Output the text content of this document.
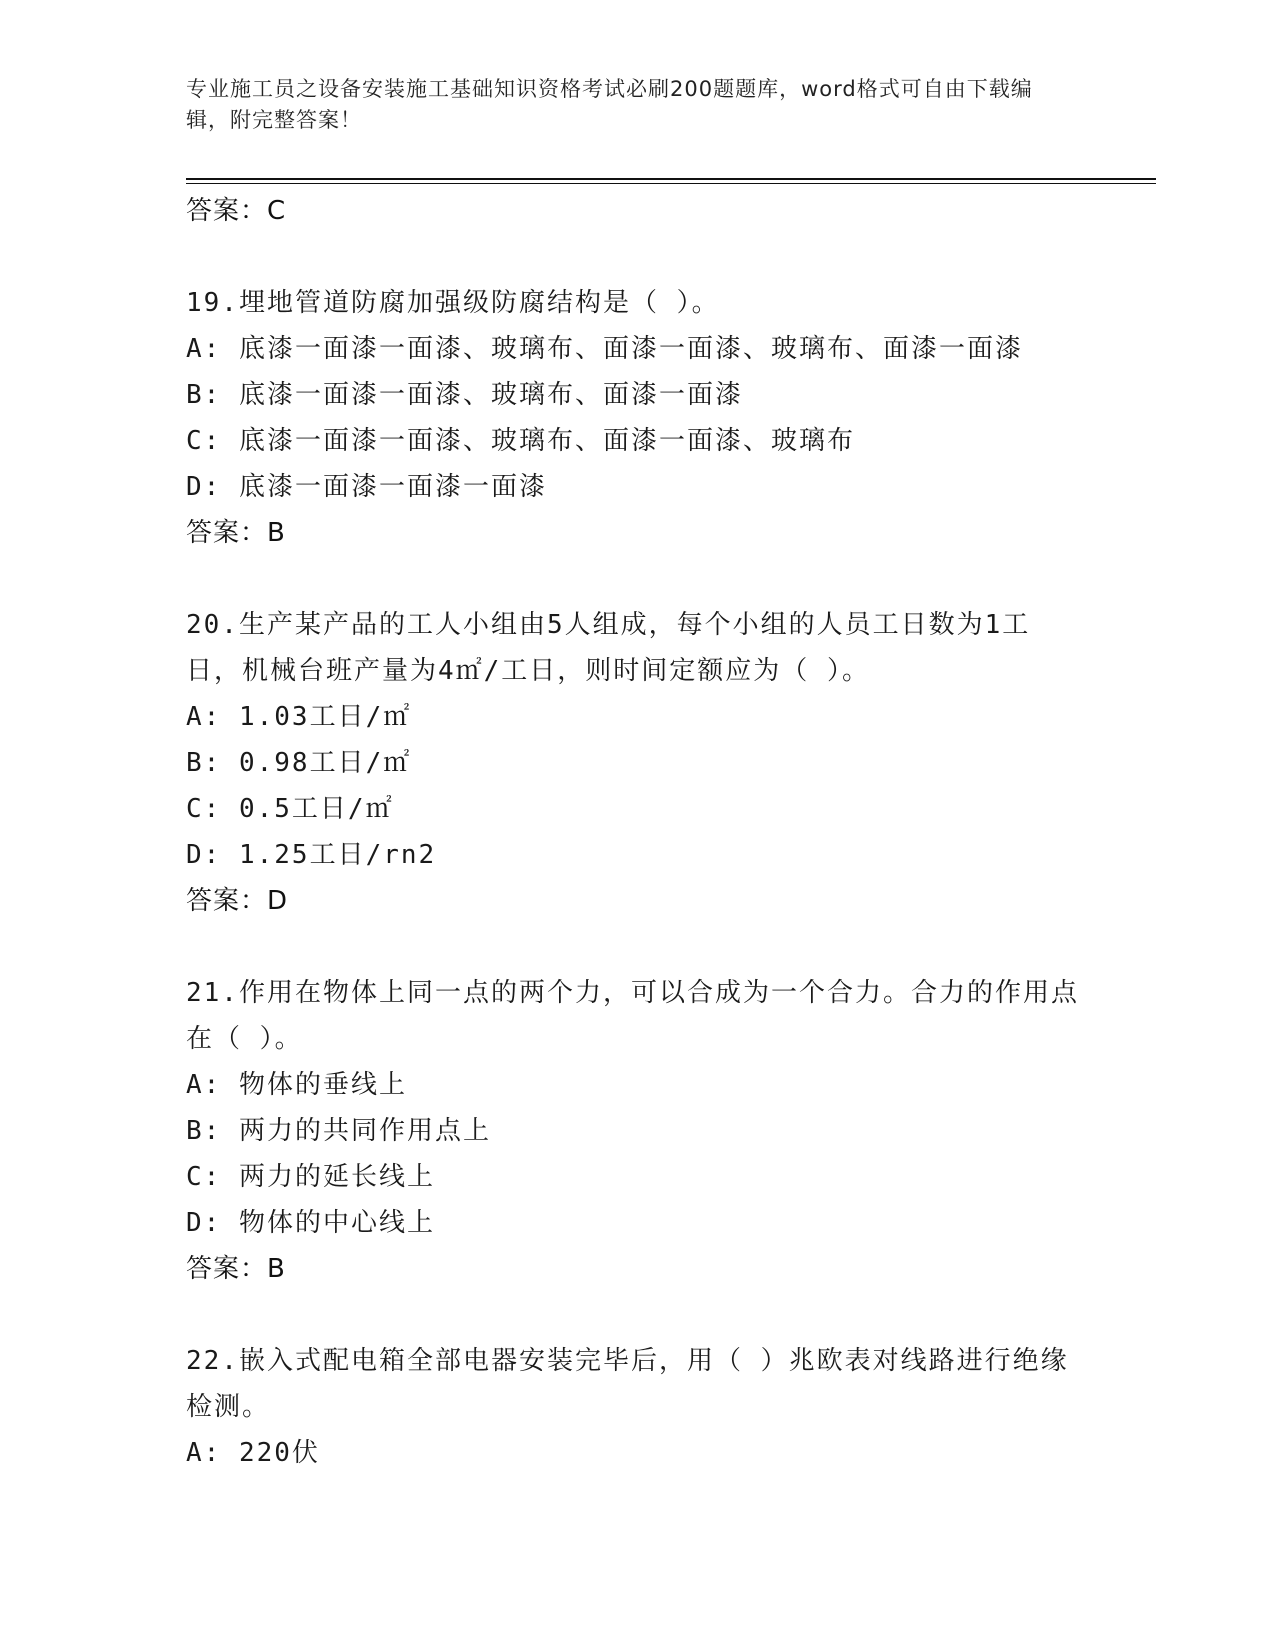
专业施工员之设备安装施工基础知识资格考试必刷200题题库，word格式可自由下载编辑，附完整答案！
答案：C
19.埋地管道防腐加强级防腐结构是（ ）。
A: 底漆一面漆一面漆、玻璃布、面漆一面漆、玻璃布、面漆一面漆
B: 底漆一面漆一面漆、玻璃布、面漆一面漆
C: 底漆一面漆一面漆、玻璃布、面漆一面漆、玻璃布
D: 底漆一面漆一面漆一面漆
答案：B
20.生产某产品的工人小组由5人组成，每个小组的人员工日数为1工日，机械台班产量为4㎡/工日，则时间定额应为（ ）。
A: 1.03工日/㎡
B: 0.98工日/㎡
C: 0.5工日/㎡
D: 1.25工日/rn2
答案：D
21.作用在物体上同一点的两个力，可以合成为一个合力。合力的作用点在（ ）。
A: 物体的垂线上
B: 两力的共同作用点上
C: 两力的延长线上
D: 物体的中心线上
答案：B
22.嵌入式配电箱全部电器安装完毕后，用（ ）兆欧表对线路进行绝缘检测。
A: 220伏
